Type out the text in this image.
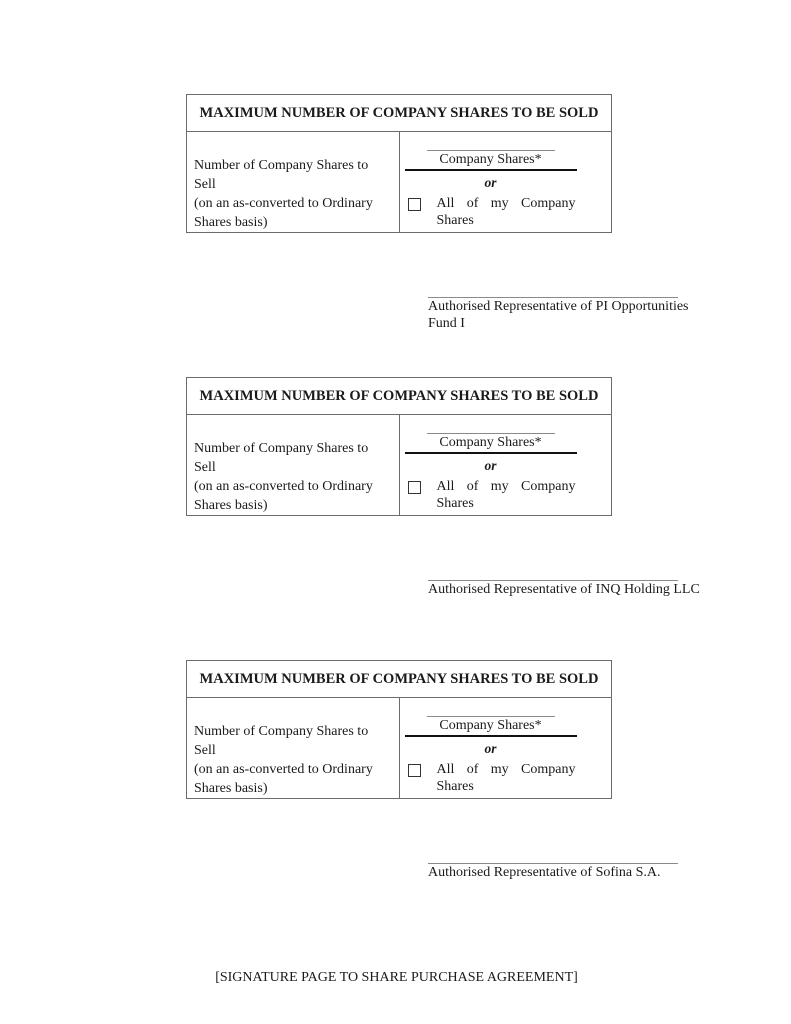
MAXIMUM NUMBER OF COMPANY SHARES TO BE SOLD

Number of Company Shares to Sell
(on an as-converted to Ordinary Shares basis)

Company Shares*
or
All of my Company
Shares
Authorised Representative of PI Opportunities Fund I
MAXIMUM NUMBER OF COMPANY SHARES TO BE SOLD

Number of Company Shares to Sell
(on an as-converted to Ordinary Shares basis)

Company Shares*
or
All of my Company
Shares
Authorised Representative of INQ Holding LLC
MAXIMUM NUMBER OF COMPANY SHARES TO BE SOLD

Number of Company Shares to Sell
(on an as-converted to Ordinary Shares basis)

Company Shares*
or
All of my Company
Shares
Authorised Representative of Sofina S.A.
[SIGNATURE PAGE TO SHARE PURCHASE AGREEMENT]
